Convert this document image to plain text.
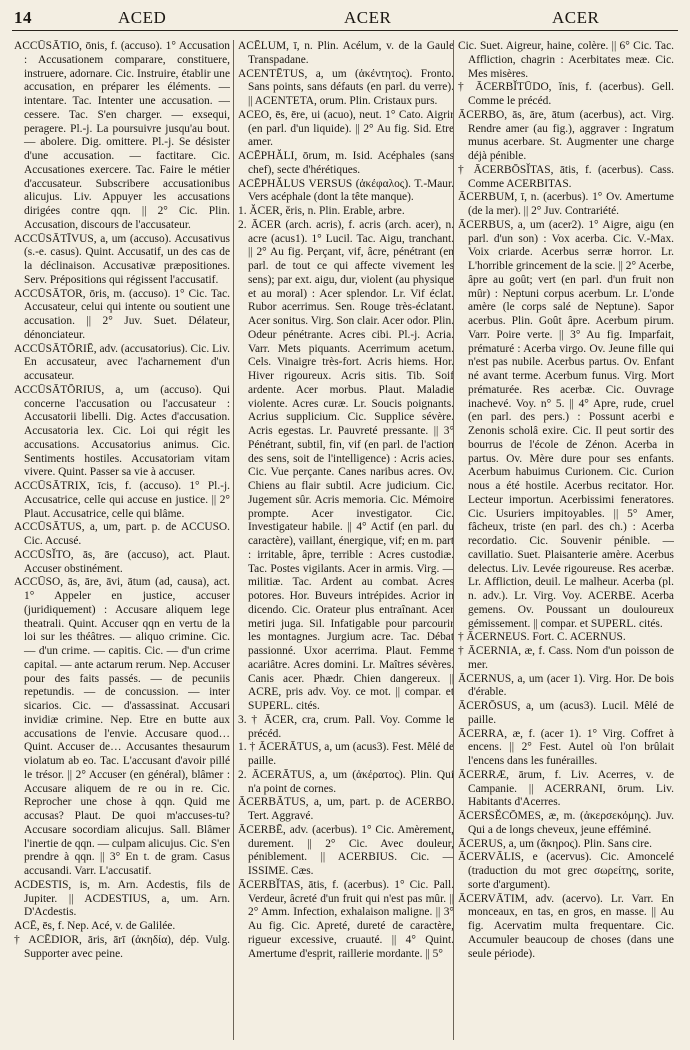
14	ACED	ACER	ACER

ACCŪSĀTIO, ōnis, f. (accuso). 1° Accusation : Accusationem comparare, constituere, instruere, adornare. Cic. Instruire, établir une accusation, en préparer les éléments. — intentare. Tac. Intenter une accusation. — cessere. Tac. S'en charger. — exsequi, peragere. Pl.-j. La poursuivre jusqu'au bout. — abolere. Dig. omittere. Pl.-j. Se désister d'une accusation. — factitare. Cic. Accusationes exercere. Tac. Faire le métier d'accusateur. Subscribere accusationibus alicujus. Liv. Appuyer les accusations dirigées contre qqn. || 2° Cic. Plin. Accusation, discours de l'accusateur.

ACCŪSĀTĪVUS, a, um (accuso). Accusativus (s.-e. casus). Quint. Accusatif, un des cas de la déclinaison. Accusativæ præpositiones. Serv. Prépositions qui régissent l'accusatif.

ACCŪSĀTOR, ōris, m. (accuso). 1° Cic. Tac. Accusateur, celui qui intente ou soutient une accusation. || 2° Juv. Suet. Délateur, dénonciateur.

ACCŪSĀTŌRIĒ, adv. (accusatorius). Cic. Liv. En accusateur, avec l'acharnement d'un accusateur.

ACCŪSĀTŌRIUS, a, um (accuso). Qui concerne l'accusation ou l'accusateur : Accusatorii libelli. Dig. Actes d'accusation. Accusatoria lex. Cic. Loi qui régit les accusations. Accusatorius animus. Cic. Sentiments hostiles. Accusatoriam vitam vivere. Quint. Passer sa vie à accuser.

ACCŪSĀTRIX, īcis, f. (accuso). 1° Pl.-j. Accusatrice, celle qui accuse en justice. || 2° Plaut. Accusatrice, celle qui blâme.

ACCŪSĀTUS, a, um, part. p. de ACCUSO. Cic. Accusé.

ACCŪSĬTO, ās, āre (accuso), act. Plaut. Accuser obstinément.

ACCŪSO, ās, āre, āvi, ātum (ad, causa), act. 1° Appeler en justice, accuser (juridiquement) : Accusare aliquem lege theatrali. Quint. Accuser qqn en vertu de la loi sur les théâtres. — aliquo crimine. Cic. — d'un crime. — capitis. Cic. — d'un crime capital. — ante actarum rerum. Nep. Accuser pour des faits passés. — de pecuniis repetundis. — de concussion. — inter sicarios. Cic. — d'assassinat. Accusari invidiæ crimine. Nep. Etre en butte aux accusations de l'envie. Accusare quod… Quint. Accuser de… Accusantes thesaurum violatum ab eo. Tac. L'accusant d'avoir pillé le trésor. || 2° Accuser (en général), blâmer : Accusare aliquem de re ou in re. Cic. Reprocher une chose à qqn. Quid me accusas? Plaut. De quoi m'accuses-tu? Accusare socordiam alicujus. Sall. Blâmer l'inertie de qqn. — culpam alicujus. Cic. S'en prendre à qqn. || 3° En t. de gram. Casus accusandi. Varr. L'accusatif.

ACDESTIS, is, m. Arn. Acdestis, fils de Jupiter. || ACDESTIUS, a, um. Arn. D'Acdestis.

ACĒ, ēs, f. Nep. Acé, v. de Galilée.

† ACĒDIOR, āris, ārī (ἀκηδία), dép. Vulg. Supporter avec peine.

ACĒLUM, ī, n. Plin. Acélum, v. de la Gaule Transpadane.

ACENTĒTUS, a, um (ἀκέντητος). Fronto. Sans points, sans défauts (en parl. du verre). || ACENTETA, orum. Plin. Cristaux purs.

ACEO, ēs, ēre, ui (acuo), neut. 1° Cato. Aigrir (en parl. d'un liquide). || 2° Au fig. Sid. Etre amer.

ACĒPHĂLI, ōrum, m. Isid. Acéphales (sans chef), secte d'hérétiques.

ACĒPHĂLUS VERSUS (ἀκέφαλος). T.-Maur. Vers acéphale (dont la tête manque).

1. ĂCER, ĕris, n. Plin. Erable, arbre.

2. ĀCER (arch. acris), f. acris (arch. acer), n. acre (acus1). 1° Lucil. Tac. Aigu, tranchant. || 2° Au fig. Perçant, vif, âcre, pénétrant (en parl. de tout ce qui affecte vivement les sens); par ext. aigu, dur, violent (au physique et au moral) : Acer splendor. Lr. Vif éclat. Rubor acerrimus. Sen. Rouge très-éclatant. Acer sonitus. Virg. Son clair. Acer odor. Plin. Odeur pénétrante. Acres cibi. Pl.-j. Acria. Varr. Mets piquants. Acerrimum acetum. Cels. Vinaigre très-fort. Acris hiems. Hor. Hiver rigoureux. Acris sitis. Tib. Soif ardente. Acer morbus. Plaut. Maladie violente. Acres curæ. Lr. Soucis poignants. Acrius supplicium. Cic. Supplice sévère. Acris egestas. Lr. Pauvreté pressante. || 3° Pénétrant, subtil, fin, vif (en parl. de l'action des sens, soit de l'intelligence) : Acris acies. Cic. Vue perçante. Canes naribus acres. Ov. Chiens au flair subtil. Acre judicium. Cic. Jugement sûr. Acris memoria. Cic. Mémoire prompte. Acer investigator. Cic. Investigateur habile. || 4° Actif (en parl. du caractère), vaillant, énergique, vif; en m. part : irritable, âpre, terrible : Acres custodiæ. Tac. Postes vigilants. Acer in armis. Virg. — militiæ. Tac. Ardent au combat. Acres potores. Hor. Buveurs intrépides. Acrior in dicendo. Cic. Orateur plus entraînant. Acer metiri juga. Sil. Infatigable pour parcourir les montagnes. Jurgium acre. Tac. Débat passionné. Uxor acerrima. Plaut. Femme acariâtre. Acres domini. Lr. Maîtres sévères. Canis acer. Phædr. Chien dangereux. || ACRE, pris adv. Voy. ce mot. || compar. et SUPERL. cités.

3. † ĀCER, cra, crum. Pall. Voy. Comme le précéd.

1. † ĀCERĀTUS, a, um (acus3). Fest. Mêlé de paille.

2. ĀCERĀTUS, a, um (ἀκέρατος). Plin. Qui n'a point de cornes.

ĀCERBĀTUS, a, um, part. p. de ACERBO. Tert. Aggravé.

ĀCERBĒ, adv. (acerbus). 1° Cic. Amèrement, durement. || 2° Cic. Avec douleur, péniblement. || ACERBIUS. Cic. — ISSIME. Cæs.

ĀCERBĬTAS, ātis, f. (acerbus). 1° Cic. Pall. Verdeur, âcreté d'un fruit qui n'est pas mûr. || 2° Amm. Infection, exhalaison maligne. || 3° Au fig. Cic. Apreté, dureté de caractère, rigueur excessive, cruauté. || 4° Quint. Amertume d'esprit, raillerie mordante. || 5°

Cic. Suet. Aigreur, haine, colère. || 6° Cic. Tac. Affliction, chagrin : Acerbitates meæ. Cic. Mes misères.

† ĀCERBĬTŪDO, ĭnis, f. (acerbus). Gell. Comme le précéd.

ĀCERBO, ās, āre, ātum (acerbus), act. Virg. Rendre amer (au fig.), aggraver : Ingratum munus acerbare. St. Augmenter une charge déjà pénible.

† ĀCERBŌSĬTAS, ātis, f. (acerbus). Cass. Comme ACERBITAS.

ĀCERBUM, ī, n. (acerbus). 1° Ov. Amertume (de la mer). || 2° Juv. Contrariété.

ĀCERBUS, a, um (acer2). 1° Aigre, aigu (en parl. d'un son) : Vox acerba. Cic. V.-Max. Voix criarde. Acerbus serræ horror. Lr. L'horrible grincement de la scie. || 2° Acerbe, âpre au goût; vert (en parl. d'un fruit non mûr) : Neptuni corpus acerbum. Lr. L'onde amère (le corps salé de Neptune). Sapor acerbus. Plin. Goût âpre. Acerbum pirum. Varr. Poire verte. || 3° Au fig. Imparfait, prématuré : Acerba virgo. Ov. Jeune fille qui n'est pas nubile. Acerbus partus. Ov. Enfant né avant terme. Acerbum funus. Virg. Mort prématurée. Res acerbæ. Cic. Ouvrage inachevé. Voy. n° 5. || 4° Apre, rude, cruel (en parl. des pers.) : Possunt acerbi e Zenonis scholâ exire. Cic. Il peut sortir des bourrus de l'école de Zénon. Acerba in partus. Ov. Mère dure pour ses enfants. Acerbum habuimus Curionem. Cic. Curion nous a été hostile. Acerbus recitator. Hor. Lecteur importun. Acerbissimi feneratores. Cic. Usuriers impitoyables. || 5° Amer, fâcheux, triste (en parl. des ch.) : Acerba recordatio. Cic. Souvenir pénible. — cavillatio. Suet. Plaisanterie amère. Acerbus delectus. Liv. Levée rigoureuse. Res acerbæ. Lr. Affliction, deuil. Le malheur. Acerba (pl. n. adv.). Lr. Virg. Voy. ACERBE. Acerba gemens. Ov. Poussant un douloureux gémissement. || compar. et SUPERL. cités.

† ĀCERNEUS. Fort. C. ACERNUS.

† ĀCERNIA, æ, f. Cass. Nom d'un poisson de mer.

ĀCERNUS, a, um (acer 1). Virg. Hor. De bois d'érable.

ĀCERŌSUS, a, um (acus3). Lucil. Mêlé de paille.

ĀCERRA, æ, f. (acer 1). 1° Virg. Coffret à encens. || 2° Fest. Autel où l'on brûlait l'encens dans les funérailles.

ĀCERRÆ, ārum, f. Liv. Acerres, v. de Campanie. || ACERRANI, ōrum. Liv. Habitants d'Acerres.

ĀCERSĔCŌMES, æ, m. (ἀκερσεκόμης). Juv. Qui a de longs cheveux, jeune efféminé.

ĀCERUS, a, um (ἄκηρος). Plin. Sans cire.

ĀCERVĀLIS, e (acervus). Cic. Amoncelé (traduction du mot grec σωρείτης, sorite, sorte d'argument).

ĀCERVĀTIM, adv. (acervo). Lr. Varr. En monceaux, en tas, en gros, en masse. || Au fig. Acervatim multa frequentare. Cic. Accumuler beaucoup de choses (dans une seule période).
